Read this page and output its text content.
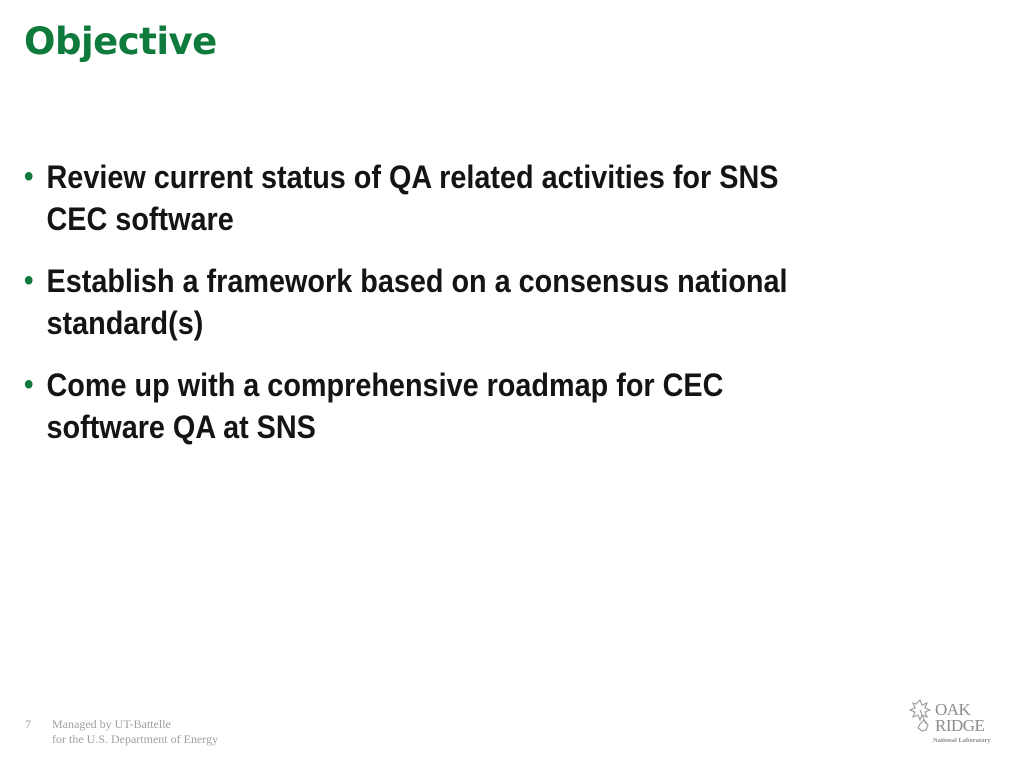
Objective
• Review current status of QA related activities for SNS
CEC software
• Establish a framework based on a consensus national
standard(s)
• Come up with a comprehensive roadmap for CEC
software QA at SNS
7 Managed by UT-Battelle
for the U.S. Department of Energy
OAK
RIDGE
National Laboratory
